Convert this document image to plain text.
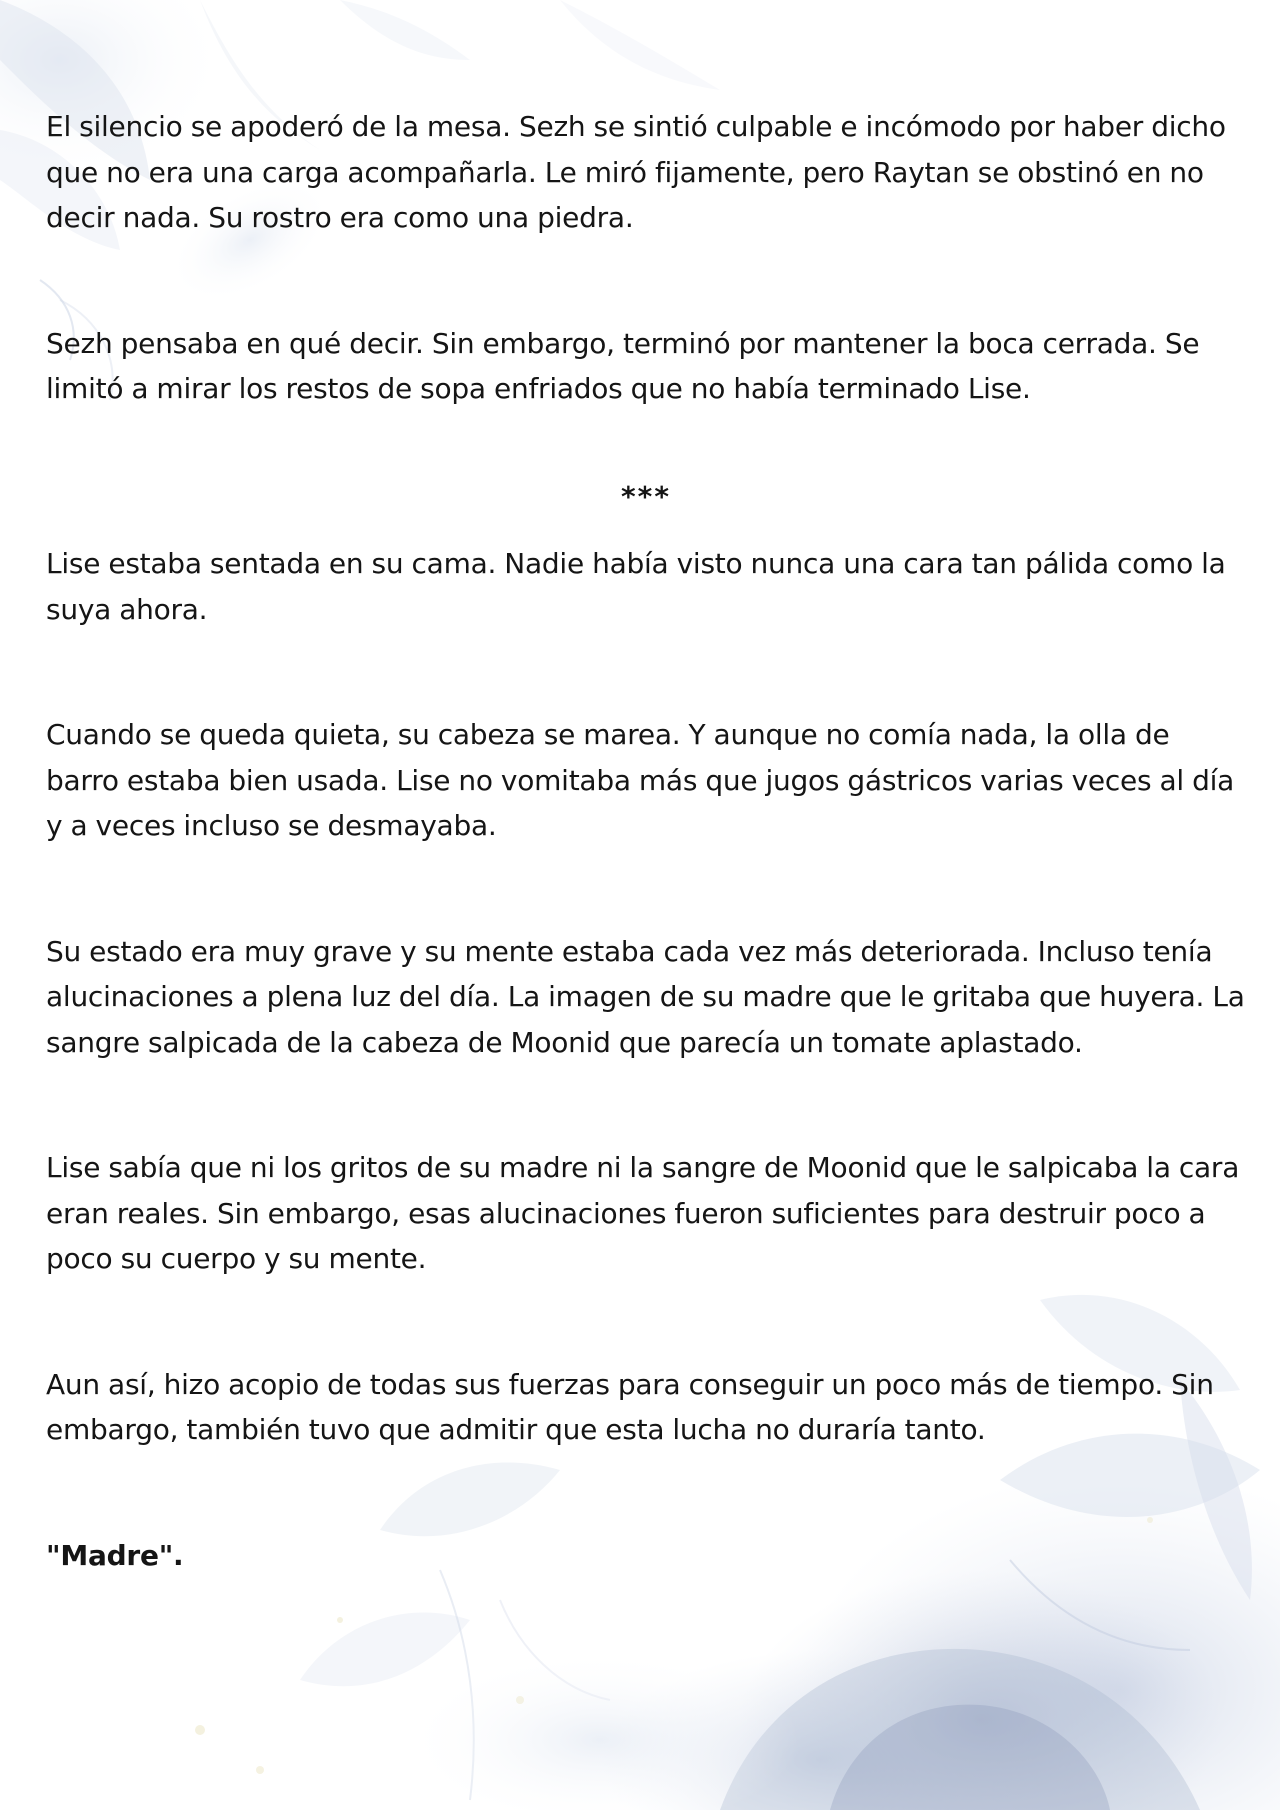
El silencio se apoderó de la mesa. Sezh se sintió culpable e incómodo por haber dicho que no era una carga acompañarla. Le miró fijamente, pero Raytan se obstinó en no decir nada. Su rostro era como una piedra.

Sezh pensaba en qué decir. Sin embargo, terminó por mantener la boca cerrada. Se limitó a mirar los restos de sopa enfriados que no había terminado Lise.

***

Lise estaba sentada en su cama. Nadie había visto nunca una cara tan pálida como la suya ahora.

Cuando se queda quieta, su cabeza se marea. Y aunque no comía nada, la olla de barro estaba bien usada. Lise no vomitaba más que jugos gástricos varias veces al día y a veces incluso se desmayaba.

Su estado era muy grave y su mente estaba cada vez más deteriorada. Incluso tenía alucinaciones a plena luz del día. La imagen de su madre que le gritaba que huyera. La sangre salpicada de la cabeza de Moonid que parecía un tomate aplastado.

Lise sabía que ni los gritos de su madre ni la sangre de Moonid que le salpicaba la cara eran reales. Sin embargo, esas alucinaciones fueron suficientes para destruir poco a poco su cuerpo y su mente.

Aun así, hizo acopio de todas sus fuerzas para conseguir un poco más de tiempo. Sin embargo, también tuvo que admitir que esta lucha no duraría tanto.

"Madre".
